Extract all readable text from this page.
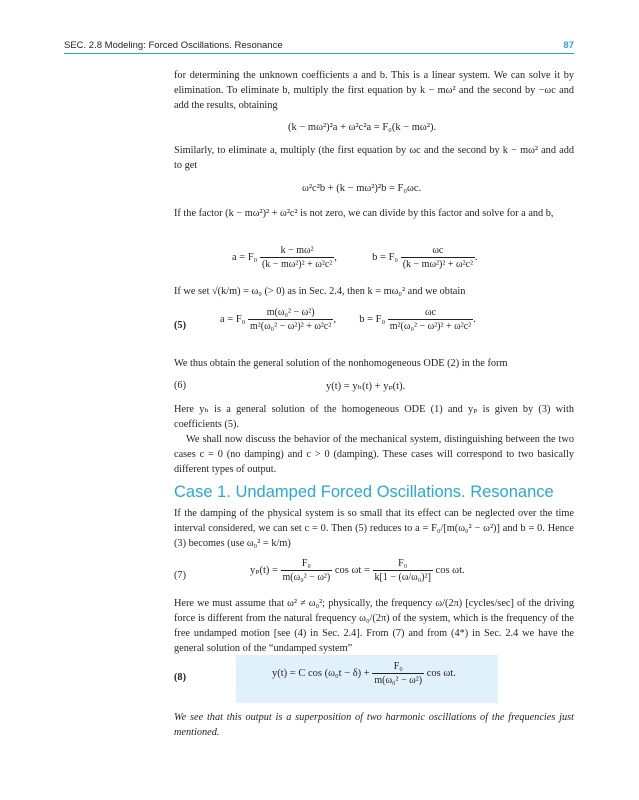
SEC. 2.8 Modeling: Forced Oscillations. Resonance	87

for determining the unknown coefficients a and b. This is a linear system. We can solve it by elimination. To eliminate b, multiply the first equation by k − mω² and the second by −ωc and add the results, obtaining

(k − mω²)²a + ω²c²a = F₀(k − mω²).

Similarly, to eliminate a, multiply (the first equation by ωc and the second by k − mω² and add to get

ω²c²b + (k − mω²)²b = F₀ωc.

If the factor (k − mω²)² + ω²c² is not zero, we can divide by this factor and solve for a and b,

$a = F_0 \frac{\text{k − mω²}}{\text{(k − mω²)² + ω²c²}}$ ,	$b = F_0 \frac{\omega c}{\text{(k − mω²)² + ω²c²}}$ .

If we set √(k/m) = ω₀ (> 0) as in Sec. 2.4, then k = mω₀² and we obtain

(5)
$a = F_0 \frac{\text{m(ω₀² − ω²)}}{\text{m²(ω₀² − ω²)² + ω²c²}}$ , $b = F_0 \frac{\omega c}{\text{m²(ω₀² − ω²)² + ω²c²}}$ .

We thus obtain the general solution of the nonhomogeneous ODE (2) in the form

(6)	y(t) = yₕ(t) + yₚ(t).

Here yₕ is a general solution of the homogeneous ODE (1) and yₚ is given by (3) with coefficients (5).

We shall now discuss the behavior of the mechanical system, distinguishing between the two cases c = 0 (no damping) and c > 0 (damping). These cases will correspond to two basically different types of output.

Case 1. Undamped Forced Oscillations. Resonance

If the damping of the physical system is so small that its effect can be neglected over the time interval considered, we can set c = 0. Then (5) reduces to a = F₀/[m(ω₀² − ω²)] and b = 0. Hence (3) becomes (use ω₀² = k/m)

(7)	$y_p(t) = \frac{\text{F₀}}{\text{m(ω₀² − ω²)}}$ $\cos \omega t = \frac{\text{F₀}}{\text{k[1 − (ω/ω₀)²]}}$ cos ωt.

Here we must assume that ω² ≠ ω₀²; physically, the frequency ω/(2π) [cycles/sec] of the driving force is different from the natural frequency ω₀/(2π) of the system, which is the frequency of the free undamped motion [see (4) in Sec. 2.4]. From (7) and from (4*) in Sec. 2.4 we have the general solution of the “undamped system”

(8)	y(t) = C $\cos (\omega_0t - \delta) + \frac{\text{F₀}}{\text{m(ω₀² − ω²)}}$ cos ωt.

We see that this output is a superposition of two harmonic oscillations of the frequencies just mentioned.
